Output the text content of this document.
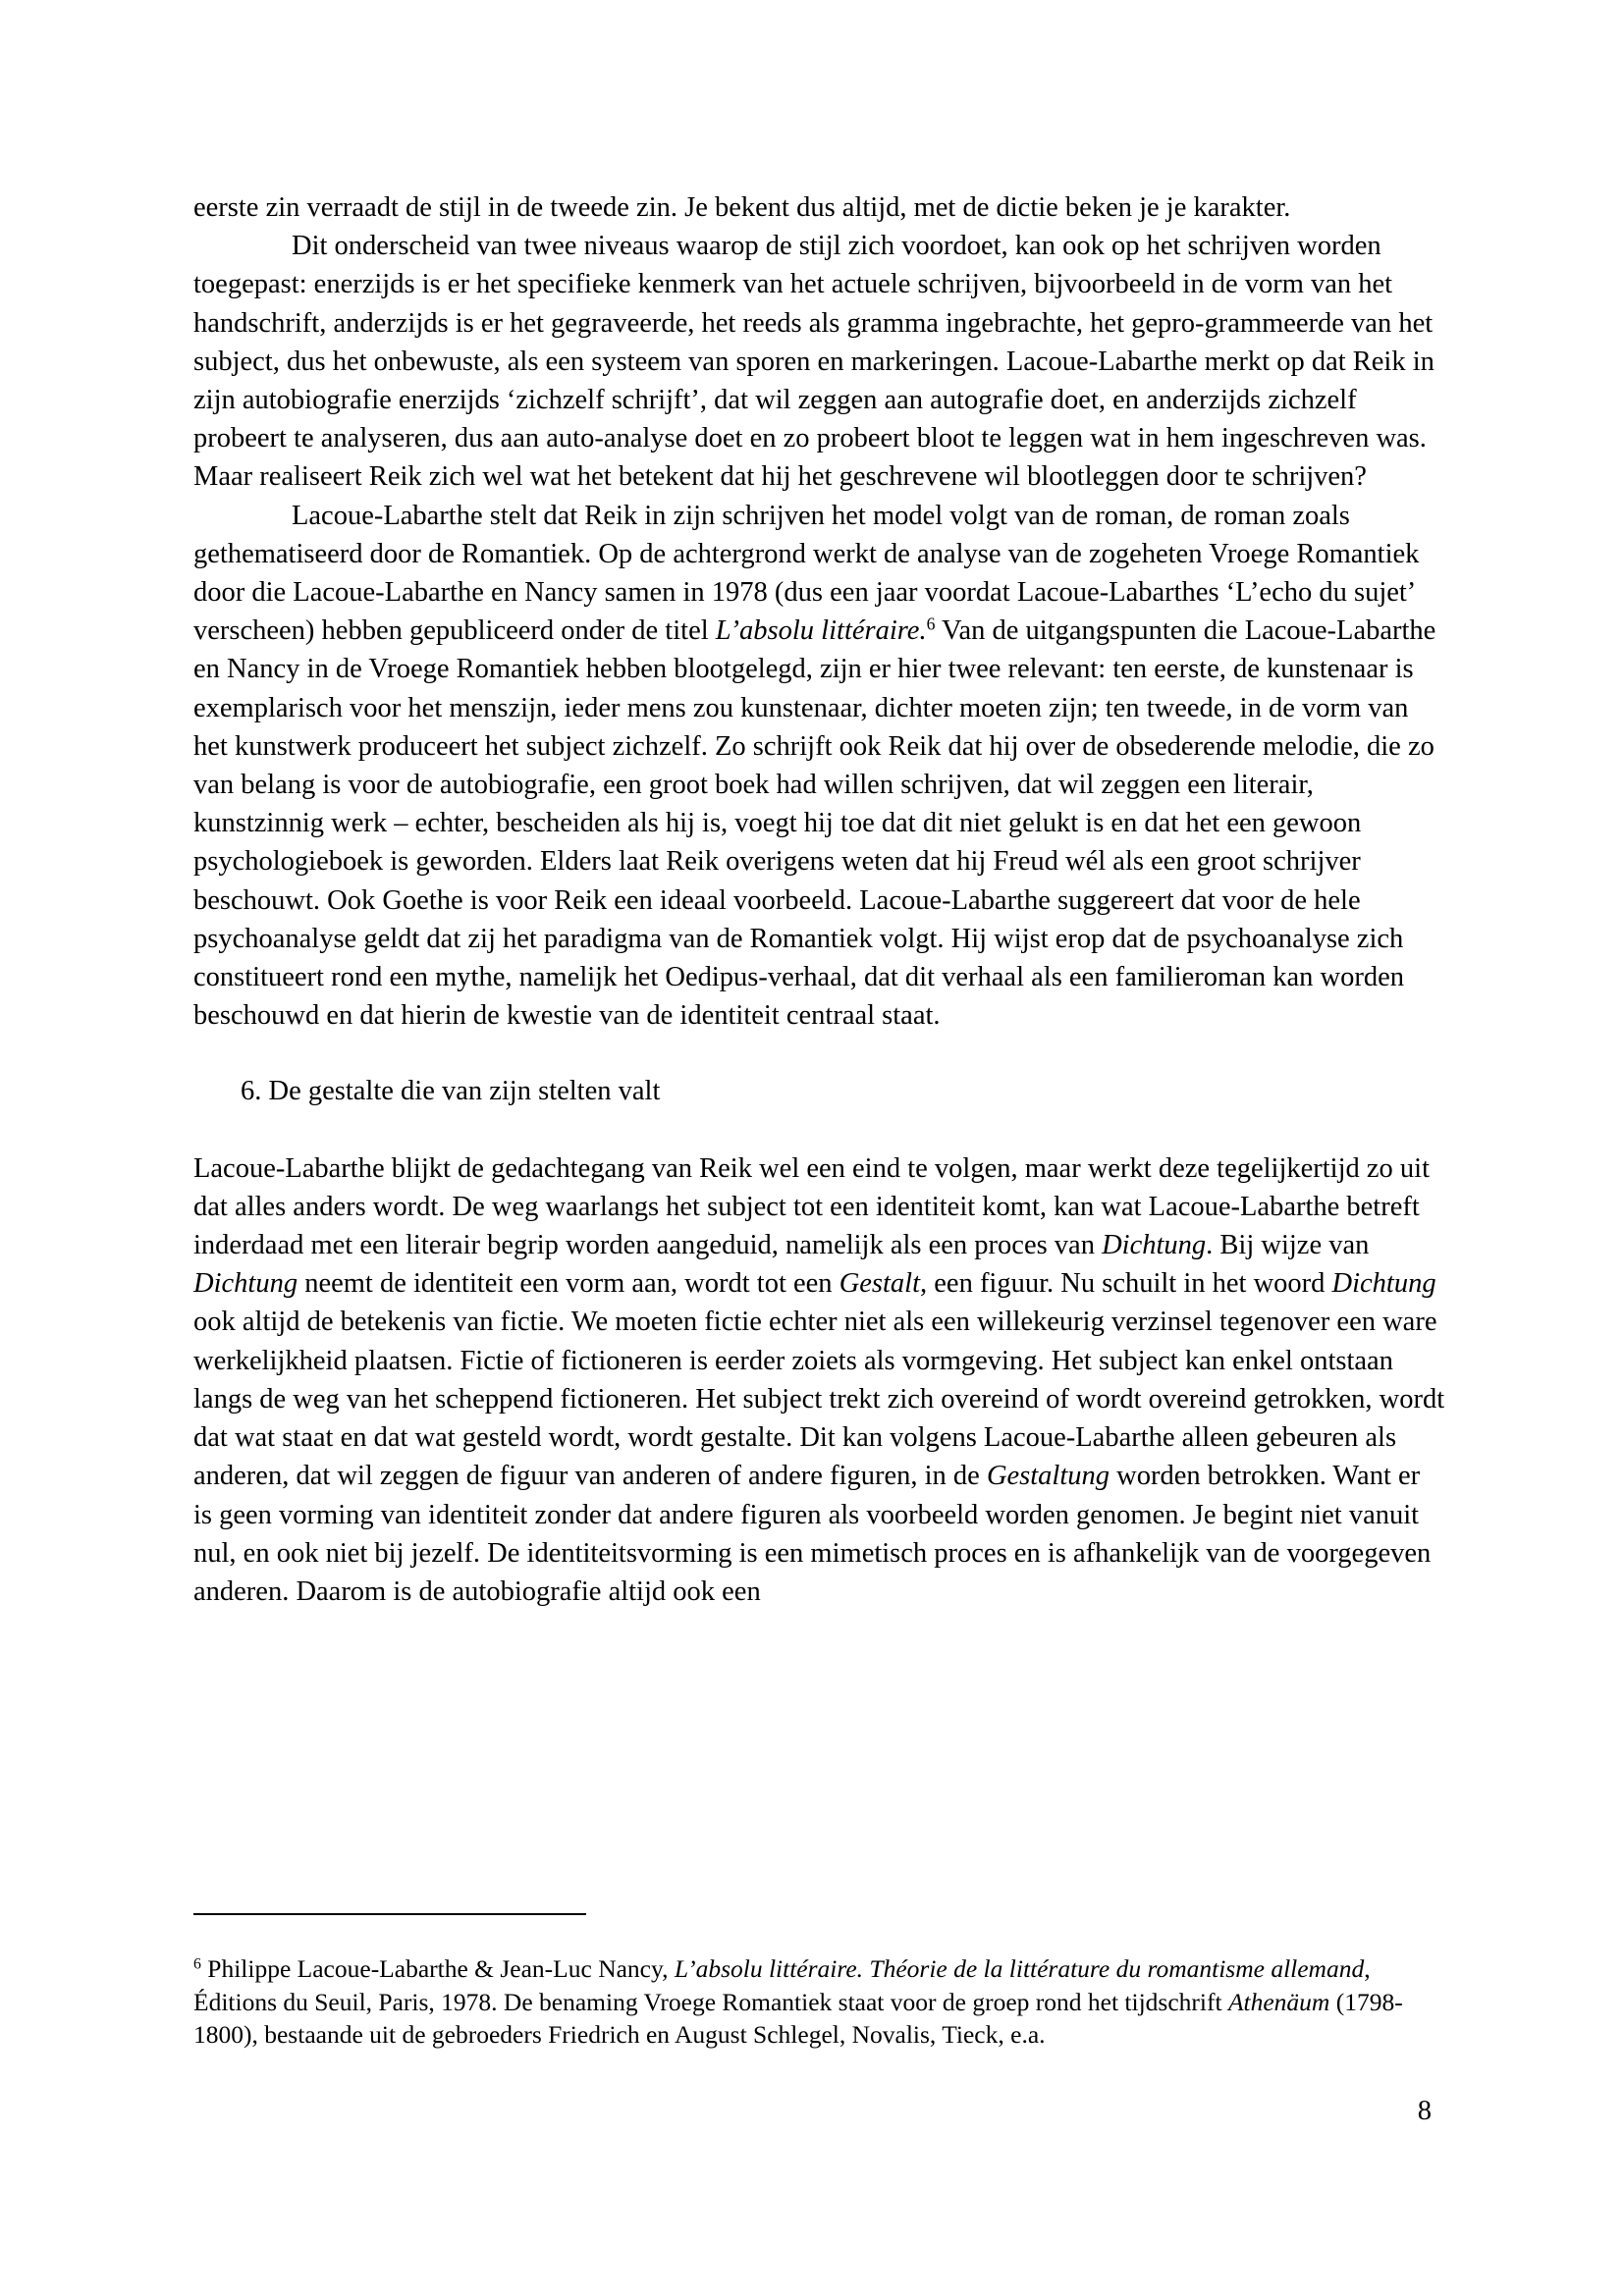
eerste zin verraadt de stijl in de tweede zin. Je bekent dus altijd, met de dictie beken je je karakter.

Dit onderscheid van twee niveaus waarop de stijl zich voordoet, kan ook op het schrijven worden toegepast: enerzijds is er het specifieke kenmerk van het actuele schrijven, bijvoorbeeld in de vorm van het handschrift, anderzijds is er het gegraveerde, het reeds als gramma ingebrachte, het gepro-grammeerde van het subject, dus het onbewuste, als een systeem van sporen en markeringen. Lacoue-Labarthe merkt op dat Reik in zijn autobiografie enerzijds ‘zichzelf schrijft’, dat wil zeggen aan autografie doet, en anderzijds zichzelf probeert te analyseren, dus aan auto-analyse doet en zo probeert bloot te leggen wat in hem ingeschreven was. Maar realiseert Reik zich wel wat het betekent dat hij het geschrevene wil blootleggen door te schrijven?

Lacoue-Labarthe stelt dat Reik in zijn schrijven het model volgt van de roman, de roman zoals gethematiseerd door de Romantiek. Op de achtergrond werkt de analyse van de zogeheten Vroege Romantiek door die Lacoue-Labarthe en Nancy samen in 1978 (dus een jaar voordat Lacoue-Labarthes ‘L’echo du sujet’ verscheen) hebben gepubliceerd onder de titel L’absolu littéraire.$^6$ Van de uitgangspunten die Lacoue-Labarthe en Nancy in de Vroege Romantiek hebben blootgelegd, zijn er hier twee relevant: ten eerste, de kunstenaar is exemplarisch voor het menszijn, ieder mens zou kunstenaar, dichter moeten zijn; ten tweede, in de vorm van het kunstwerk produceert het subject zichzelf. Zo schrijft ook Reik dat hij over de obsederende melodie, die zo van belang is voor de autobiografie, een groot boek had willen schrijven, dat wil zeggen een literair, kunstzinnig werk – echter, bescheiden als hij is, voegt hij toe dat dit niet gelukt is en dat het een gewoon psychologieboek is geworden. Elders laat Reik overigens weten dat hij Freud wél als een groot schrijver beschouwt. Ook Goethe is voor Reik een ideaal voorbeeld. Lacoue-Labarthe suggereert dat voor de hele psychoanalyse geldt dat zij het paradigma van de Romantiek volgt. Hij wijst erop dat de psychoanalyse zich constitueert rond een mythe, namelijk het Oedipus-verhaal, dat dit verhaal als een familieroman kan worden beschouwd en dat hierin de kwestie van de identiteit centraal staat.

6. De gestalte die van zijn stelten valt

Lacoue-Labarthe blijkt de gedachtegang van Reik wel een eind te volgen, maar werkt deze tegelijkertijd zo uit dat alles anders wordt. De weg waarlangs het subject tot een identiteit komt, kan wat Lacoue-Labarthe betreft inderdaad met een literair begrip worden aangeduid, namelijk als een proces van Dichtung. Bij wijze van Dichtung neemt de identiteit een vorm aan, wordt tot een Gestalt, een figuur. Nu schuilt in het woord Dichtung ook altijd de betekenis van fictie. We moeten fictie echter niet als een willekeurig verzinsel tegenover een ware werkelijkheid plaatsen. Fictie of fictioneren is eerder zoiets als vormgeving. Het subject kan enkel ontstaan langs de weg van het scheppend fictioneren. Het subject trekt zich overeind of wordt overeind getrokken, wordt dat wat staat en dat wat gesteld wordt, wordt gestalte. Dit kan volgens Lacoue-Labarthe alleen gebeuren als anderen, dat wil zeggen de figuur van anderen of andere figuren, in de Gestaltung worden betrokken. Want er is geen vorming van identiteit zonder dat andere figuren als voorbeeld worden genomen. Je begint niet vanuit nul, en ook niet bij jezelf. De identiteitsvorming is een mimetisch proces en is afhankelijk van de voorgegeven anderen. Daarom is de autobiografie altijd ook een

$^6$ Philippe Lacoue-Labarthe & Jean-Luc Nancy, L’absolu littéraire. Théorie de la littérature du romantisme allemand, Éditions du Seuil, Paris, 1978. De benaming Vroege Romantiek staat voor de groep rond het tijdschrift Athenäum (1798-1800), bestaande uit de gebroeders Friedrich en August Schlegel, Novalis, Tieck, e.a.

8
